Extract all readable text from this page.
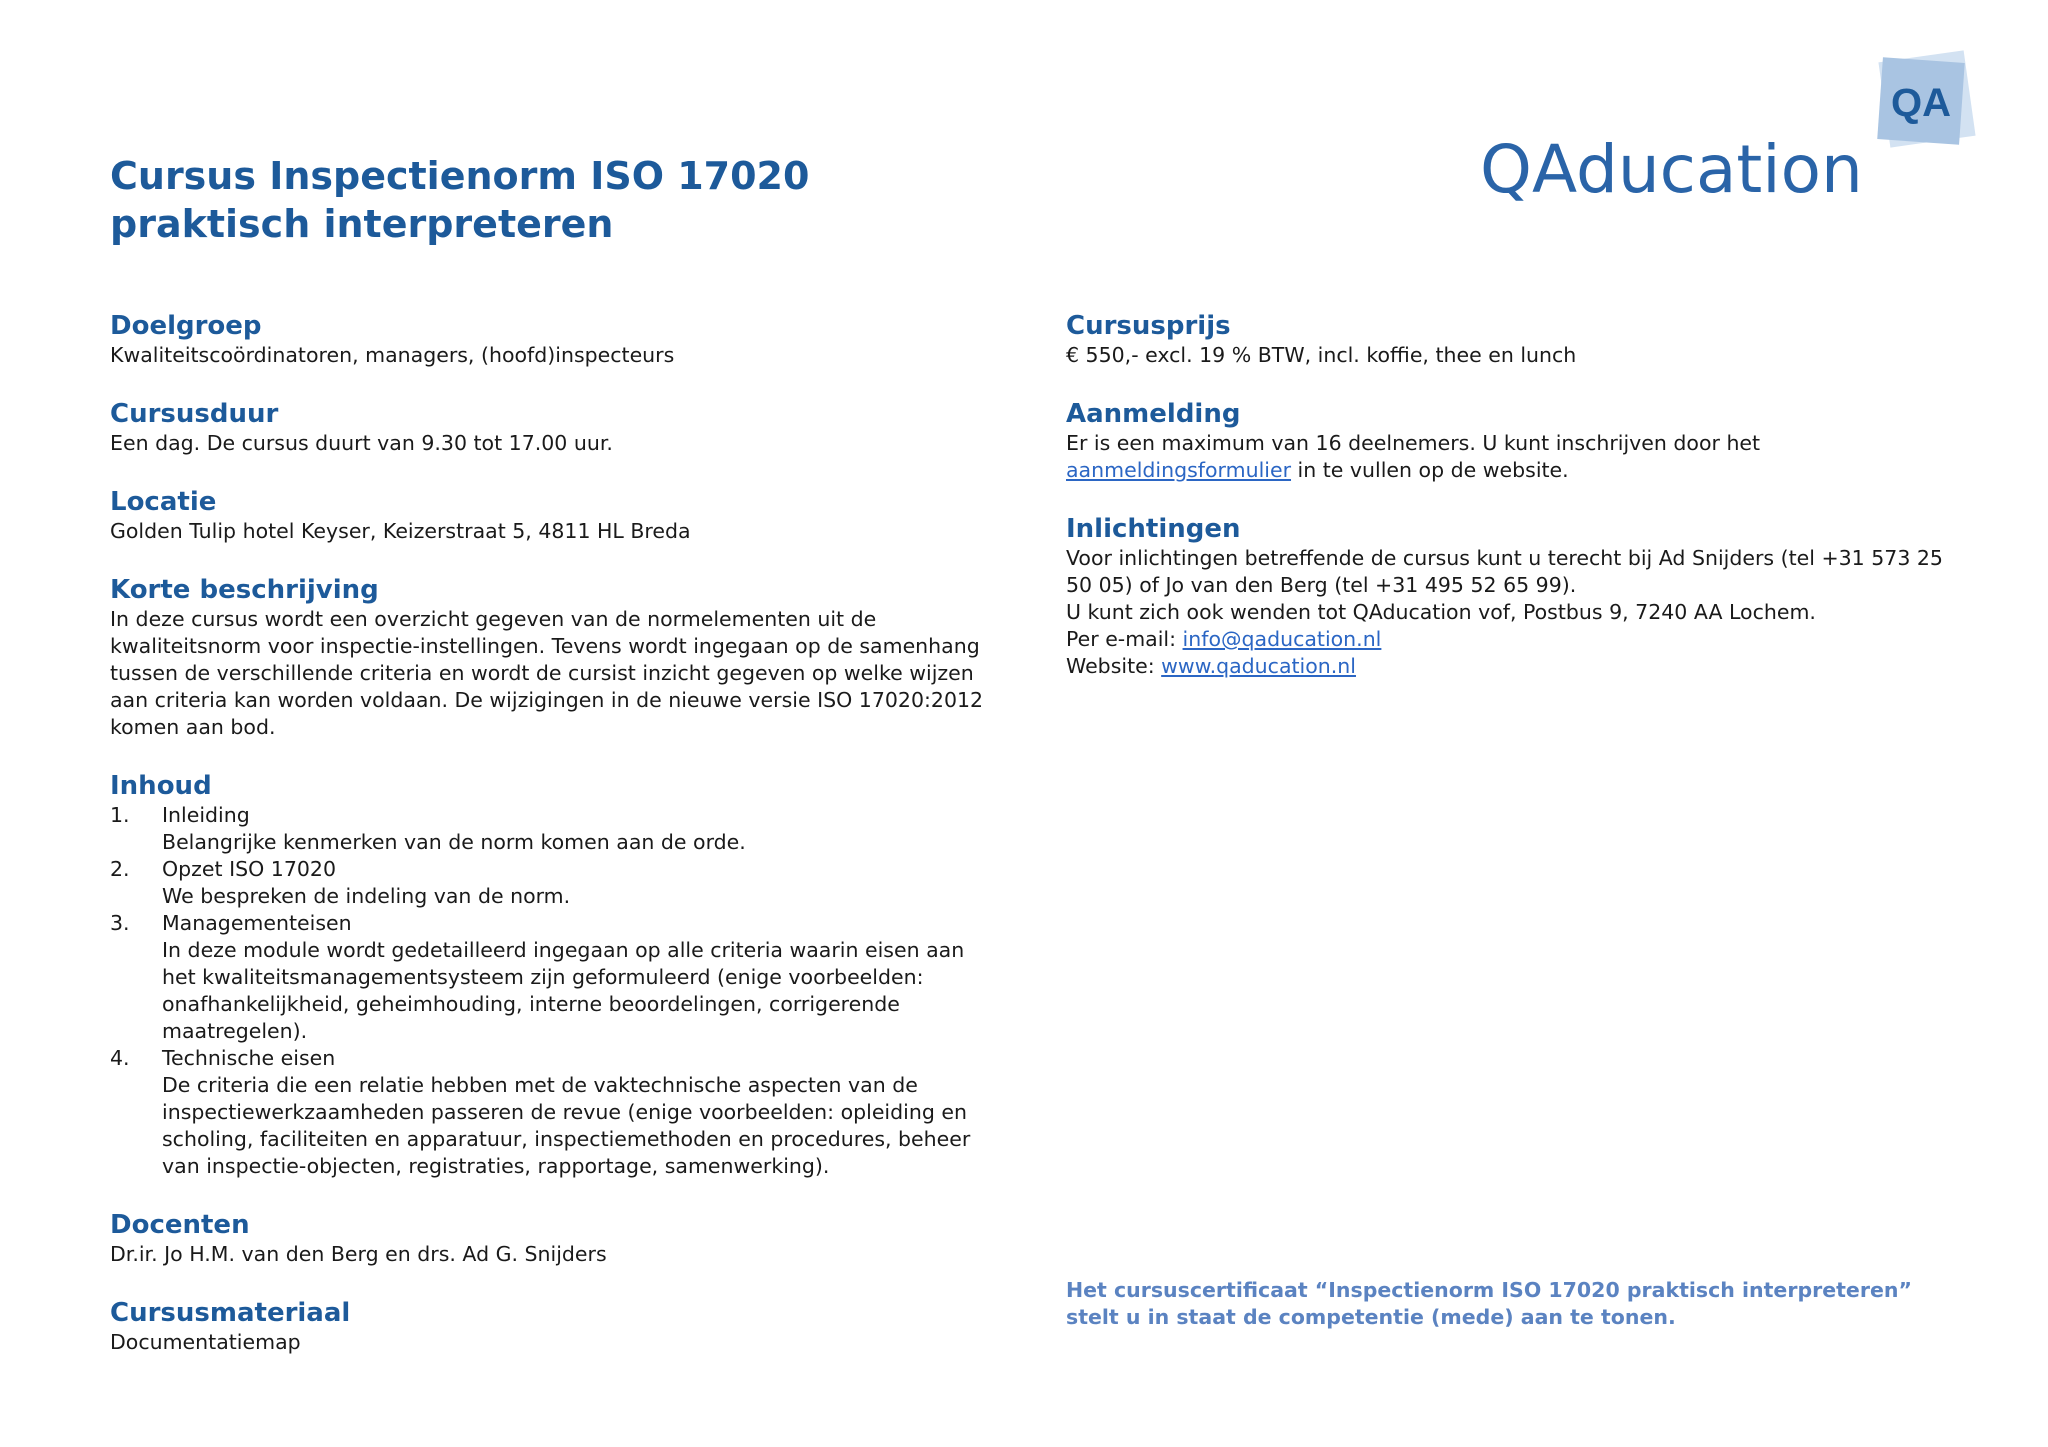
Cursus Inspectienorm ISO 17020 praktisch interpreteren
QA
QAducation
Doelgroep
Kwaliteitscoördinatoren, managers, (hoofd)inspecteurs
Cursusduur
Een dag. De cursus duurt van 9.30 tot 17.00 uur.
Locatie
Golden Tulip hotel Keyser, Keizerstraat 5, 4811 HL Breda
Korte beschrijving
In deze cursus wordt een overzicht gegeven van de normelementen uit de kwaliteitsnorm voor inspectie-instellingen. Tevens wordt ingegaan op de samenhang tussen de verschillende criteria en wordt de cursist inzicht gegeven op welke wijzen aan criteria kan worden voldaan. De wijzigingen in de nieuwe versie ISO 17020:2012 komen aan bod.
Inhoud
1. Inleiding
Belangrijke kenmerken van de norm komen aan de orde.
2. Opzet ISO 17020
We bespreken de indeling van de norm.
3. Managementeisen
In deze module wordt gedetailleerd ingegaan op alle criteria waarin eisen aan het kwaliteitsmanagementsysteem zijn geformuleerd (enige voorbeelden: onafhankelijkheid, geheimhouding, interne beoordelingen, corrigerende maatregelen).
4. Technische eisen
De criteria die een relatie hebben met de vaktechnische aspecten van de inspectiewerkzaamheden passeren de revue (enige voorbeelden: opleiding en scholing, faciliteiten en apparatuur, inspectiemethoden en procedures, beheer van inspectie-objecten, registraties, rapportage, samenwerking).
Docenten
Dr.ir. Jo H.M. van den Berg en drs. Ad G. Snijders
Cursusmateriaal
Documentatiemap
Cursusprijs
€ 550,- excl. 19 % BTW, incl. koffie, thee en lunch
Aanmelding
Er is een maximum van 16 deelnemers. U kunt inschrijven door het aanmeldingsformulier in te vullen op de website.
Inlichtingen

Voor inlichtingen betreffende de cursus kunt u terecht bij Ad Snijders (tel +31 573 25 50 05) of Jo van den Berg (tel +31 495 52 65 99).

U kunt zich ook wenden tot QAducation vof, Postbus 9, 7240 AA Lochem.

Per e-mail: info@qaducation.nl

Website: www.qaducation.nl

Het cursuscertificaat “Inspectienorm ISO 17020 praktisch interpreteren” stelt u in staat de competentie (mede) aan te tonen.
